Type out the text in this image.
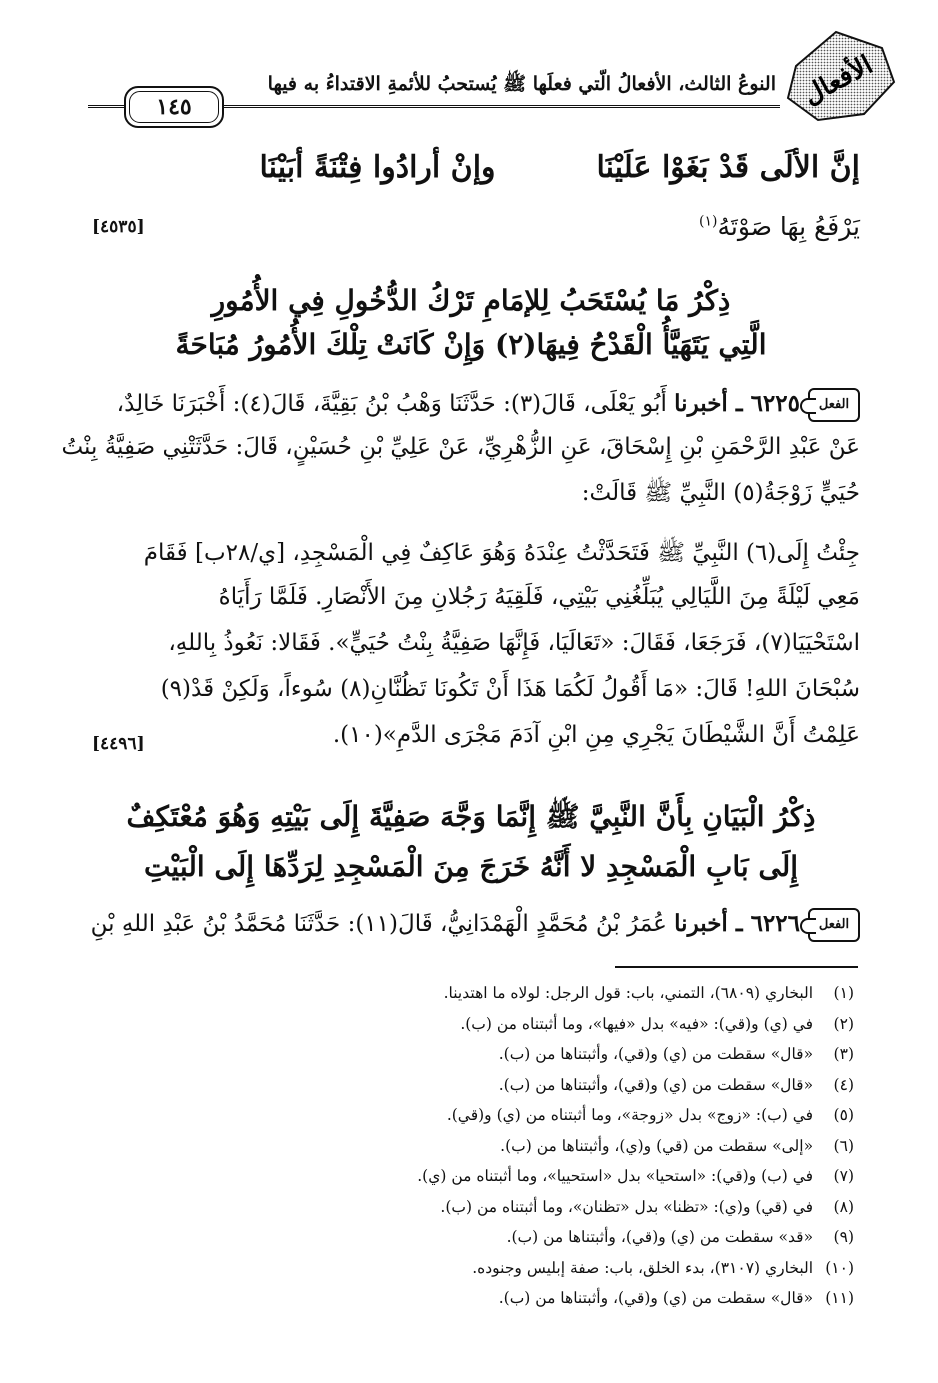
الأفعال
النوعُ الثالث، الأفعالُ الّتي فعلَها ﷺ يُستحبُ للأئمةِ الاقتداءُ به فيها
١٤٥
إنَّ الألَى قَدْ بَغَوْا عَلَيْنَا  وإنْ أرادُوا فِتْنَةً أبَيْنَا
يَرْفَعُ بِهَا صَوْتَهُ$^{(١)}$
[٤٥٣٥]
ذِكْرُ مَا يُسْتَحَبُ لِلإمَامِ تَرْكُ الدُّخُولِ فِي الأُمُورِ
الَّتِي يَتَهَيَّأُ الْقَدْحُ فِيهَا(٢) وَإِنْ كَانَتْ تِلْكَ الأُمُورُ مُبَاحَةً
الفعل٦٢٢٥ ـ أخبرنا أَبُو يَعْلَى، قَالَ(٣): حَدَّثَنَا وَهْبُ بْنُ بَقِيَّةَ، قَالَ(٤): أَخْبَرَنَا خَالِدٌ،
عَنْ عَبْدِ الرَّحْمَنِ بْنِ إِسْحَاقَ، عَنِ الزُّهْرِيِّ، عَنْ عَلِيِّ بْنِ حُسَيْنٍ، قَالَ: حَدَّثَتْنِي صَفِيَّةُ بِنْتُ
حُيَيٍّ زَوْجَةُ(٥) النَّبِيِّ ﷺ قَالَتْ:
جِئْتُ إِلَى(٦) النَّبِيِّ ﷺ فَتَحَدَّثْتُ عِنْدَهُ وَهُوَ عَاكِفٌ فِي الْمَسْجِدِ، [ي/٢٨ب] فَقَامَ
مَعِي لَيْلَةً مِنَ اللَّيَالِي يُبَلِّغُنِي بَيْتِي، فَلَقِيَهُ رَجُلانِ مِنَ الأَنْصَارِ. فَلَمَّا رَأَيَاهُ
اسْتَحْيَيَا(٧)، فَرَجَعَا، فَقَالَ: «تَعَالَيَا، فَإِنَّهَا صَفِيَّةُ بِنْتُ حُيَيٍّ». فَقَالا: نَعُوذُ بِاللهِ،
سُبْحَانَ اللهِ! قَالَ: «مَا أَقُولُ لَكُمَا هَذَا أَنْ تَكُونَا تَظُنَّانِ(٨) سُوءاً، وَلَكِنْ قَدْ(٩)
عَلِمْتُ أَنَّ الشَّيْطَانَ يَجْرِي مِنِ ابْنِ آدَمَ مَجْرَى الدَّمِ»(١٠).
[٤٤٩٦]
ذِكْرُ الْبَيَانِ بِأَنَّ النَّبِيَّ ﷺ إِنَّمَا وَجَّهَ صَفِيَّةَ إِلَى بَيْتِهِ وَهُوَ مُعْتَكِفٌ
إِلَى بَابِ الْمَسْجِدِ لا أَنَّهُ خَرَجَ مِنَ الْمَسْجِدِ لِرَدِّهَا إِلَى الْبَيْتِ
الفعل٦٢٢٦ ـ أخبرنا عُمَرُ بْنُ مُحَمَّدٍ الْهَمْدَانِيُّ، قَالَ(١١): حَدَّثَنَا مُحَمَّدُ بْنُ عَبْدِ اللهِ بْنِ
(١) البخاري (٦٨٠٩)، التمني، باب: قول الرجل: لولاه ما اهتدينا.
(٢) في (ي) و(قي): «فيه» بدل «فيها»، وما أثبتناه من (ب).
(٣) «قال» سقطت من (ي) و(قي)، وأثبتناها من (ب).
(٤) «قال» سقطت من (ي) و(قي)، وأثبتناها من (ب).
(٥) في (ب): «زوج» بدل «زوجة»، وما أثبتناه من (ي) و(قي).
(٦) «إلى» سقطت من (قي) و(ي)، وأثبتناها من (ب).
(٧) في (ب) و(قي): «استحيا» بدل «استحييا»، وما أثبتناه من (ي).
(٨) في (قي) و(ي): «تظنا» بدل «تظنان»، وما أثبتناه من (ب).
(٩) «قد» سقطت من (ي) و(قي)، وأثبتناها من (ب).
(١٠) البخاري (٣١٠٧)، بدء الخلق، باب: صفة إبليس وجنوده.
(١١) «قال» سقطت من (ي) و(قي)، وأثبتناها من (ب).
